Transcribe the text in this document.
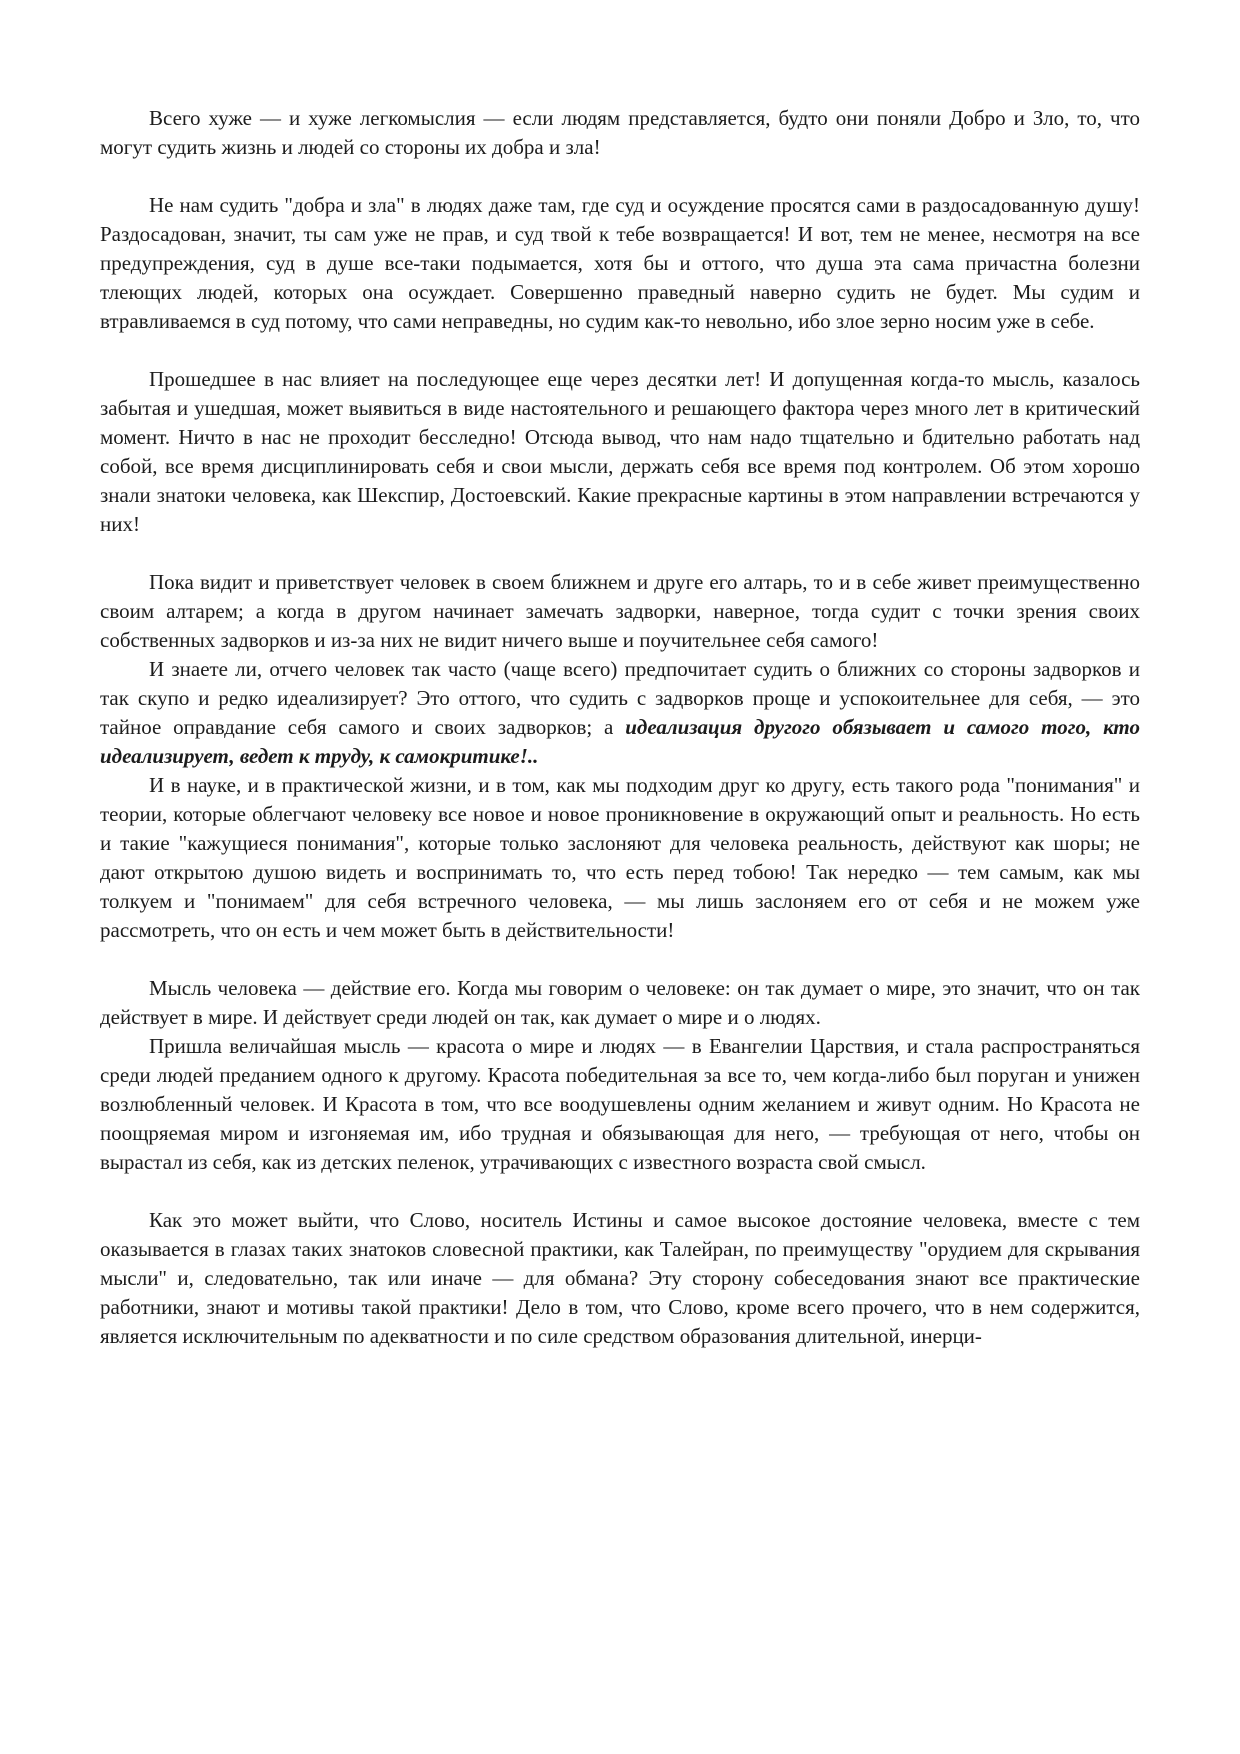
Всего хуже — и хуже легкомыслия — если людям представляется, будто они поняли Добро и Зло, то, что могут судить жизнь и людей со стороны их добра и зла!

Не нам судить "добра и зла" в людях даже там, где суд и осуждение просятся сами в раздосадованную душу! Раздосадован, значит, ты сам уже не прав, и суд твой к тебе возвращается! И вот, тем не менее, несмотря на все предупреждения, суд в душе все-таки подымается, хотя бы и оттого, что душа эта сама причастна болезни тлеющих людей, которых она осуждает. Совершенно праведный наверно судить не будет. Мы судим и втравливаемся в суд потому, что сами неправедны, но судим как-то невольно, ибо злое зерно носим уже в себе.

Прошедшее в нас влияет на последующее еще через десятки лет! И допущенная когда-то мысль, казалось забытая и ушедшая, может выявиться в виде настоятельного и решающего фактора через много лет в критический момент. Ничто в нас не проходит бесследно! Отсюда вывод, что нам надо тщательно и бдительно работать над собой, все время дисциплинировать себя и свои мысли, держать себя все время под контролем. Об этом хорошо знали знатоки человека, как Шекспир, Достоевский. Какие прекрасные картины в этом направлении встречаются у них!

Пока видит и приветствует человек в своем ближнем и друге его алтарь, то и в себе живет преимущественно своим алтарем; а когда в другом начинает замечать задворки, наверное, тогда судит с точки зрения своих собственных задворков и из-за них не видит ничего выше и поучительнее себя самого!

И знаете ли, отчего человек так часто (чаще всего) предпочитает судить о ближних со стороны задворков и так скупо и редко идеализирует? Это оттого, что судить с задворков проще и успокоительнее для себя, — это тайное оправдание себя самого и своих задворков; а идеализация другого обязывает и самого того, кто идеализирует, ведет к труду, к самокритике!..

И в науке, и в практической жизни, и в том, как мы подходим друг ко другу, есть такого рода "понимания" и теории, которые облегчают человеку все новое и новое проникновение в окружающий опыт и реальность. Но есть и такие "кажущиеся понимания", которые только заслоняют для человека реальность, действуют как шоры; не дают открытою душою видеть и воспринимать то, что есть перед тобою! Так нередко — тем самым, как мы толкуем и "понимаем" для себя встречного человека, — мы лишь заслоняем его от себя и не можем уже рассмотреть, что он есть и чем может быть в действительности!

Мысль человека — действие его. Когда мы говорим о человеке: он так думает о мире, это значит, что он так действует в мире. И действует среди людей он так, как думает о мире и о людях.

Пришла величайшая мысль — красота о мире и людях — в Евангелии Царствия, и стала распространяться среди людей преданием одного к другому. Красота победительная за все то, чем когда-либо был поруган и унижен возлюбленный человек. И Красота в том, что все воодушевлены одним желанием и живут одним. Но Красота не поощряемая миром и изгоняемая им, ибо трудная и обязывающая для него, — требующая от него, чтобы он вырастал из себя, как из детских пеленок, утрачивающих с известного возраста свой смысл.

Как это может выйти, что Слово, носитель Истины и самое высокое достояние человека, вместе с тем оказывается в глазах таких знатоков словесной практики, как Талейран, по преимуществу "орудием для скрывания мысли" и, следовательно, так или иначе — для обмана? Эту сторону собеседования знают все практические работники, знают и мотивы такой практики! Дело в том, что Слово, кроме всего прочего, что в нем содержится, является исключительным по адекватности и по силе средством образования длительной, инерци-
